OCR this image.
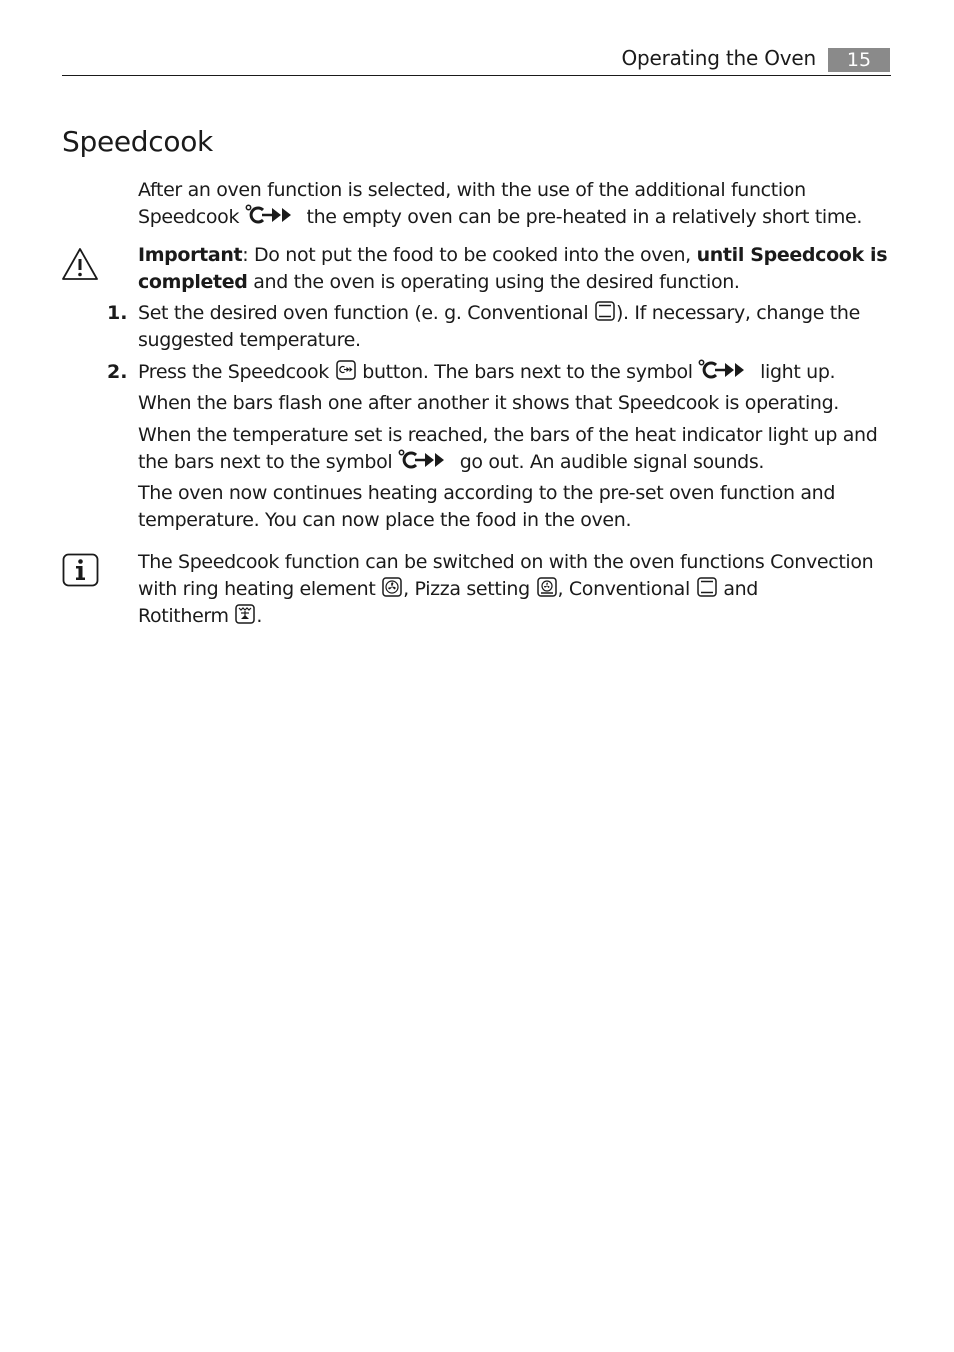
Operating the Oven	15
Speedcook
After an oven function is selected, with the use of the additional function
Speedcook	the empty oven can be pre-heated in a relatively short time.
Important: Do not put the food to be cooked into the oven, until Speedcook is
completed and the oven is operating using the desired function.
1. Set the desired oven function (e. g. Conventional ). If necessary, change the
suggested temperature.
2. Press the Speedcook button. The bars next to the symbol	light up.
When the bars flash one after another it shows that Speedcook is operating.
When the temperature set is reached, the bars of the heat indicator light up and
the bars next to the symbol	go out. An audible signal sounds.
The oven now continues heating according to the pre-set oven function and
temperature. You can now place the food in the oven.
The Speedcook function can be switched on with the oven functions Convection
with ring heating element , Pizza setting , Conventional and
Rotitherm .
